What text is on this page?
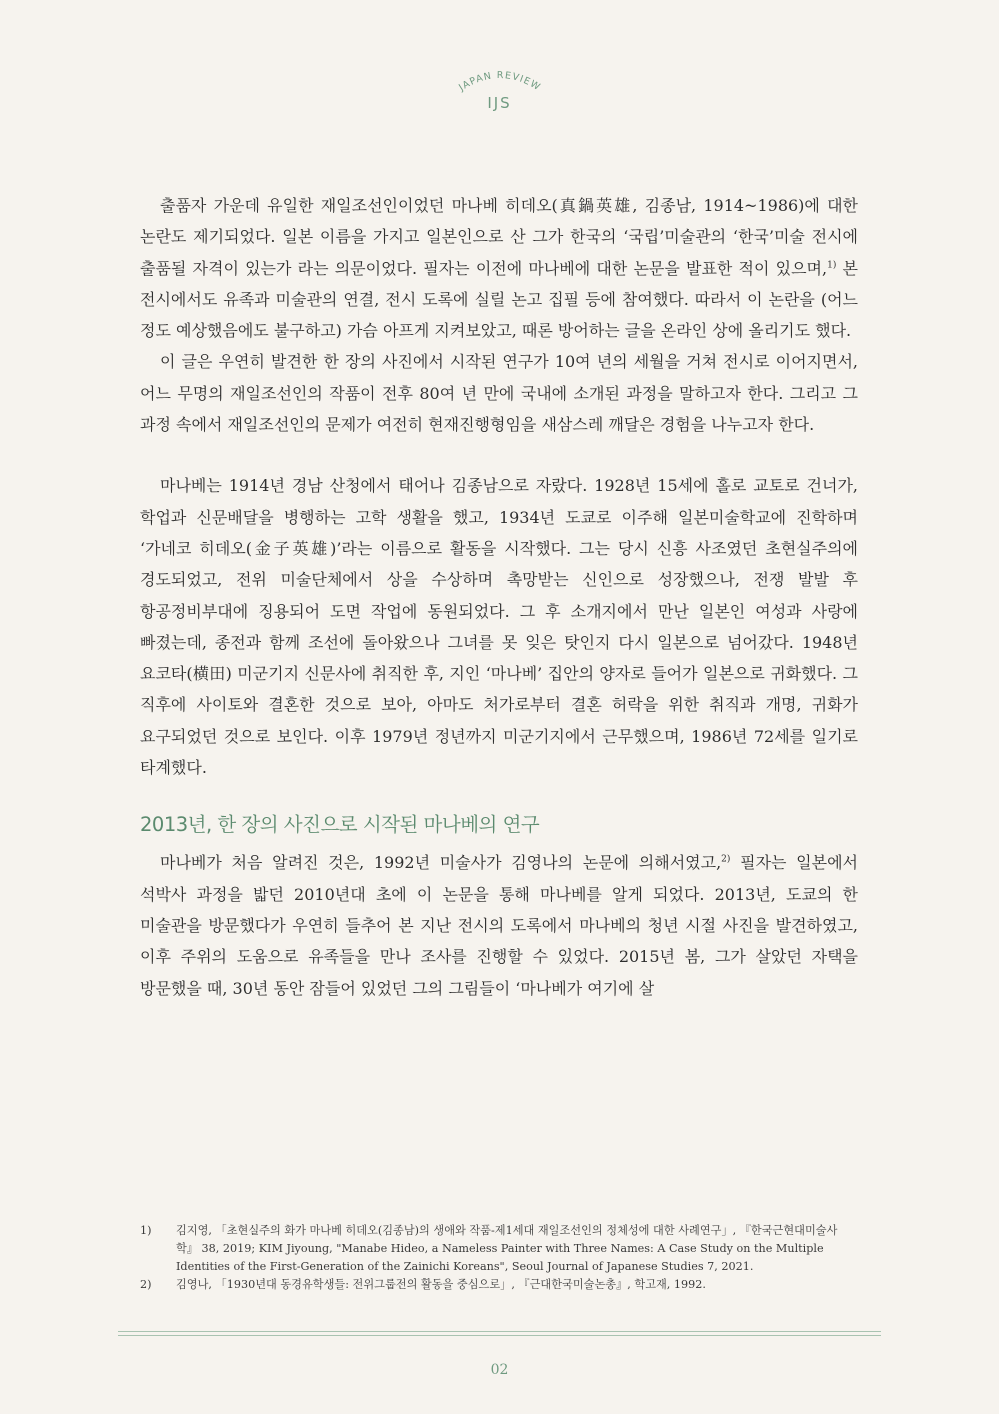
JAPAN REVIEW
IJS

출품자 가운데 유일한 재일조선인이었던 마나베 히데오(真鍋英雄, 김종남, 1914~1986)에 대한 논란도 제기되었다. 일본 이름을 가지고 일본인으로 산 그가 한국의 ‘국립’미술관의 ‘한국’미술 전시에 출품될 자격이 있는가 라는 의문이었다. 필자는 이전에 마나베에 대한 논문을 발표한 적이 있으며,$^{1)}$ 본 전시에서도 유족과 미술관의 연결, 전시 도록에 실릴 논고 집필 등에 참여했다. 따라서 이 논란을 (어느 정도 예상했음에도 불구하고) 가슴 아프게 지켜보았고, 때론 방어하는 글을 온라인 상에 올리기도 했다.

이 글은 우연히 발견한 한 장의 사진에서 시작된 연구가 10여 년의 세월을 거쳐 전시로 이어지면서, 어느 무명의 재일조선인의 작품이 전후 80여 년 만에 국내에 소개된 과정을 말하고자 한다. 그리고 그 과정 속에서 재일조선인의 문제가 여전히 현재진행형임을 새삼스레 깨달은 경험을 나누고자 한다.

마나베는 1914년 경남 산청에서 태어나 김종남으로 자랐다. 1928년 15세에 홀로 교토로 건너가, 학업과 신문배달을 병행하는 고학 생활을 했고, 1934년 도쿄로 이주해 일본미술학교에 진학하며 ‘가네코 히데오(金子英雄)’라는 이름으로 활동을 시작했다. 그는 당시 신흥 사조였던 초현실주의에 경도되었고, 전위 미술단체에서 상을 수상하며 촉망받는 신인으로 성장했으나, 전쟁 발발 후 항공정비부대에 징용되어 도면 작업에 동원되었다. 그 후 소개지에서 만난 일본인 여성과 사랑에 빠졌는데, 종전과 함께 조선에 돌아왔으나 그녀를 못 잊은 탓인지 다시 일본으로 넘어갔다. 1948년 요코타(横田) 미군기지 신문사에 취직한 후, 지인 ‘마나베’ 집안의 양자로 들어가 일본으로 귀화했다. 그 직후에 사이토와 결혼한 것으로 보아, 아마도 처가로부터 결혼 허락을 위한 취직과 개명, 귀화가 요구되었던 것으로 보인다. 이후 1979년 정년까지 미군기지에서 근무했으며, 1986년 72세를 일기로 타계했다.

2013년, 한 장의 사진으로 시작된 마나베의 연구

마나베가 처음 알려진 것은, 1992년 미술사가 김영나의 논문에 의해서였고,$^{2)}$ 필자는 일본에서 석박사 과정을 밟던 2010년대 초에 이 논문을 통해 마나베를 알게 되었다. 2013년, 도쿄의 한 미술관을 방문했다가 우연히 들추어 본 지난 전시의 도록에서 마나베의 청년 시절 사진을 발견하였고, 이후 주위의 도움으로 유족들을 만나 조사를 진행할 수 있었다. 2015년 봄, 그가 살았던 자택을 방문했을 때, 30년 동안 잠들어 있었던 그의 그림들이 ‘마나베가 여기에 살

1)	김지영, 「초현실주의 화가 마나베 히데오(김종남)의 생애와 작품-제1세대 재일조선인의 정체성에 대한 사례연구」, 『한국근현대미술사학』 38, 2019; KIM Jiyoung, "Manabe Hideo, a Nameless Painter with Three Names: A Case Study on the Multiple Identities of the First-Generation of the Zainichi Koreans", Seoul Journal of Japanese Studies 7, 2021.
2)	김영나, 「1930년대 동경유학생들: 전위그룹전의 활동을 중심으로」, 『근대한국미술논총』, 학고재, 1992.
02
